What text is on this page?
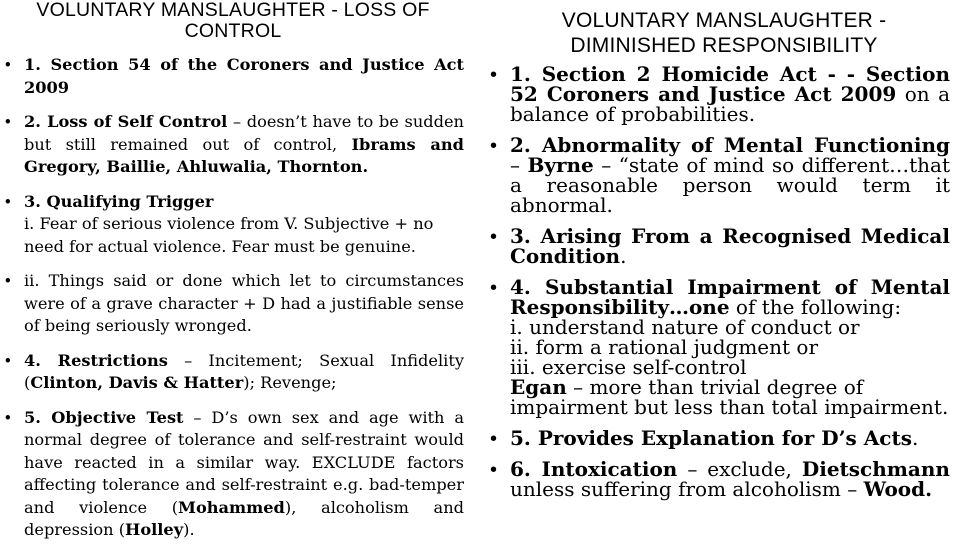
VOLUNTARY MANSLAUGHTER - LOSS OF
CONTROL
• 1. Section 54 of the Coroners and Justice Act 2009
• 2. Loss of Self Control – doesn’t have to be sudden but still remained out of control, Ibrams and Gregory, Baillie, Ahluwalia, Thornton.
• 3. Qualifying Trigger
i. Fear of serious violence from V. Subjective + no need for actual violence. Fear must be genuine.
• ii. Things said or done which let to circumstances were of a grave character + D had a justifiable sense of being seriously wronged.
• 4. Restrictions – Incitement; Sexual Infidelity (Clinton, Davis & Hatter); Revenge;
• 5. Objective Test – D’s own sex and age with a normal degree of tolerance and self-restraint would have reacted in a similar way. EXCLUDE factors affecting tolerance and self-restraint e.g. bad-temper and violence (Mohammed), alcoholism and depression (Holley).
VOLUNTARY MANSLAUGHTER -
DIMINISHED RESPONSIBILITY
• 1. Section 2 Homicide Act - - Section 52 Coroners and Justice Act 2009 on a balance of probabilities.
• 2. Abnormality of Mental Functioning – Byrne – “state of mind so different…that a reasonable person would term it abnormal.
• 3. Arising From a Recognised Medical Condition.
• 4. Substantial Impairment of Mental Responsibility…one of the following:
i. understand nature of conduct or
ii. form a rational judgment or
iii. exercise self-control
Egan – more than trivial degree of impairment but less than total impairment.
• 5. Provides Explanation for D’s Acts.
• 6. Intoxication – exclude, Dietschmann unless suffering from alcoholism – Wood.
